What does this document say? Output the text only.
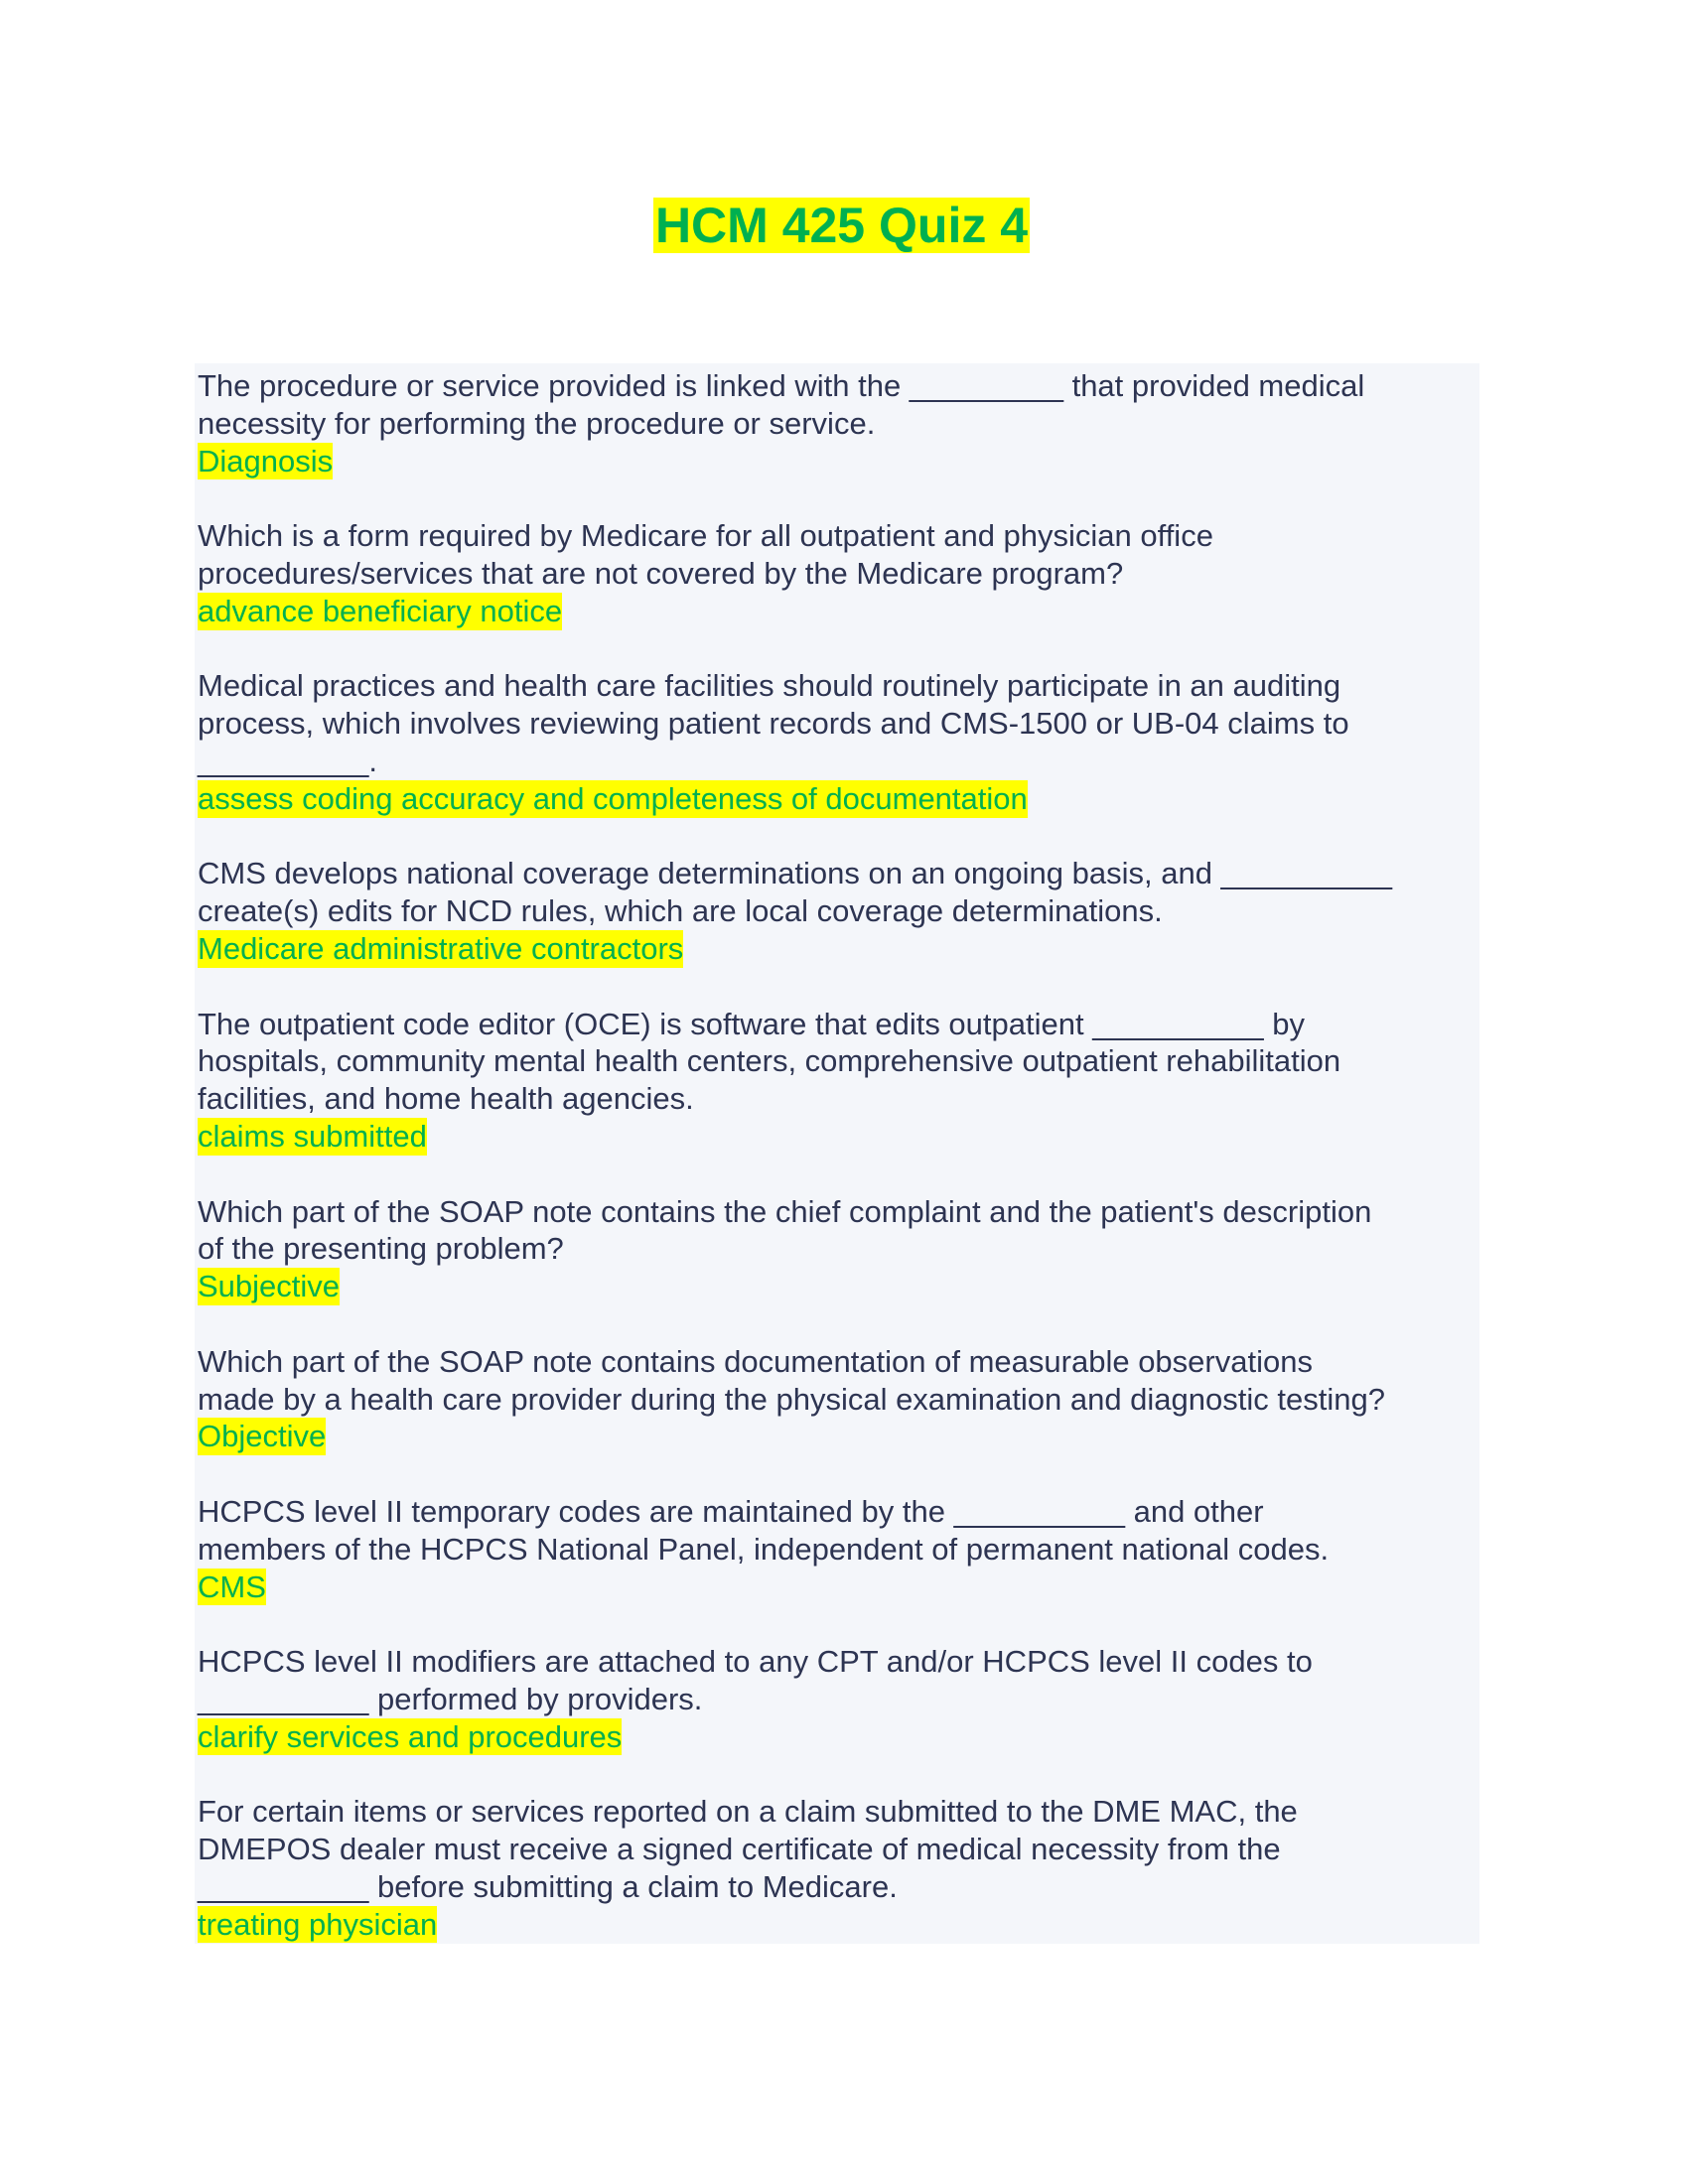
HCM 425 Quiz 4
The procedure or service provided is linked with the _________ that provided medical
necessity for performing the procedure or service.
Diagnosis
Which is a form required by Medicare for all outpatient and physician office
procedures/services that are not covered by the Medicare program?
advance beneficiary notice
Medical practices and health care facilities should routinely participate in an auditing
process, which involves reviewing patient records and CMS-1500 or UB-04 claims to
__________.
assess coding accuracy and completeness of documentation
CMS develops national coverage determinations on an ongoing basis, and __________
create(s) edits for NCD rules, which are local coverage determinations.
Medicare administrative contractors
The outpatient code editor (OCE) is software that edits outpatient __________ by
hospitals, community mental health centers, comprehensive outpatient rehabilitation
facilities, and home health agencies.
claims submitted
Which part of the SOAP note contains the chief complaint and the patient's description
of the presenting problem?
Subjective
Which part of the SOAP note contains documentation of measurable observations
made by a health care provider during the physical examination and diagnostic testing?
Objective
HCPCS level II temporary codes are maintained by the __________ and other
members of the HCPCS National Panel, independent of permanent national codes.
CMS
HCPCS level II modifiers are attached to any CPT and/or HCPCS level II codes to
__________ performed by providers.
clarify services and procedures
For certain items or services reported on a claim submitted to the DME MAC, the
DMEPOS dealer must receive a signed certificate of medical necessity from the
__________ before submitting a claim to Medicare.
treating physician
